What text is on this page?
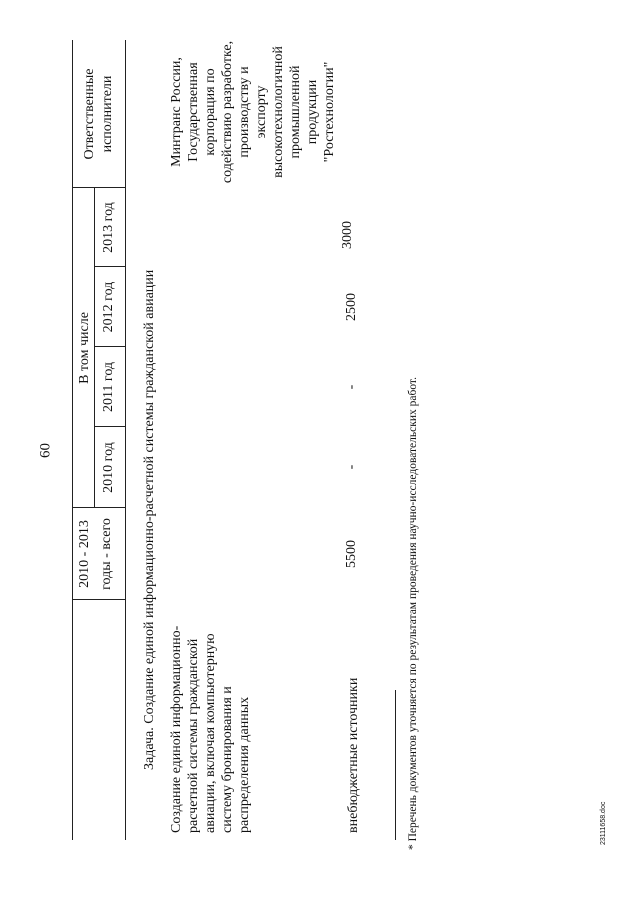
60
2010 - 2013 годы - всего
В том числе
2010 год
2011 год
2012 год
2013 год
Ответственные исполнители
Задача. Создание единой информационно-расчетной системы гражданской авиации Создание единой информационно- расчетной системы гражданской авиации, включая компьютерную систему бронирования и распределения данных
Минтранс России, Государственная корпорация по содействию разработке, производству и экспорту высокотехнологичной промышленной продукции "Ростехнологии"
внебюджетные источники
5500
-
-
2500
3000
* Перечень документов уточняется по результатам проведения научно-исследовательских работ.	23111658.doc
